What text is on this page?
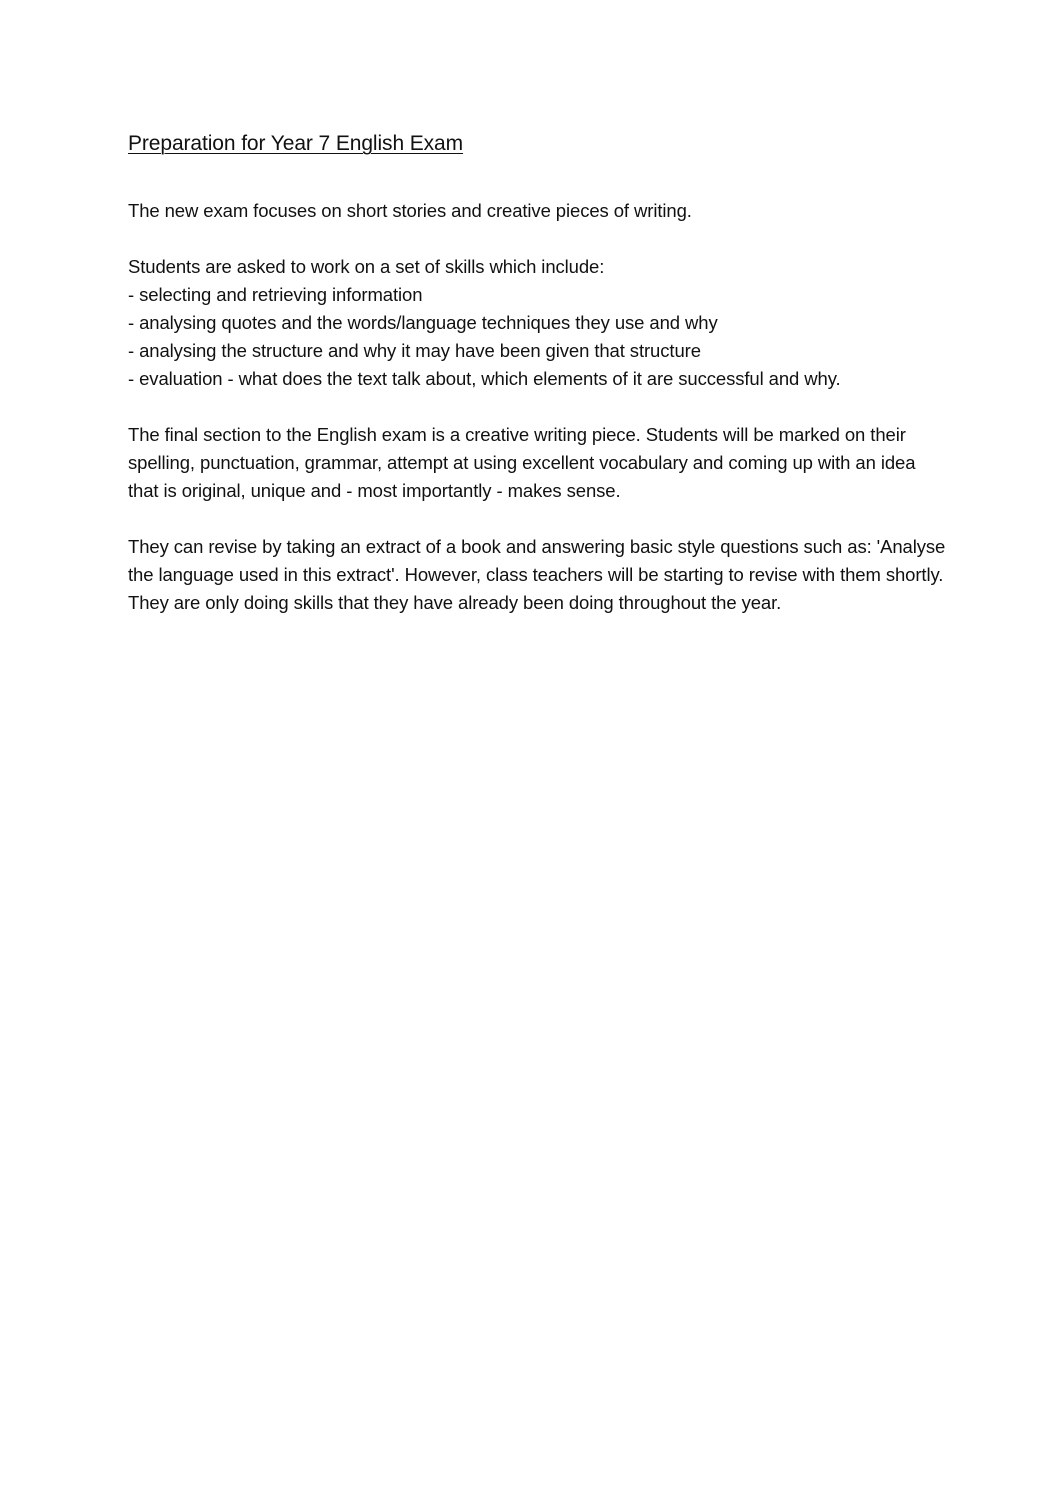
Preparation for Year 7 English Exam

The new exam focuses on short stories and creative pieces of writing.

Students are asked to work on a set of skills which include:

- selecting and retrieving information
- analysing quotes and the words/language techniques they use and why
- analysing the structure and why it may have been given that structure
- evaluation - what does the text talk about, which elements of it are successful and why.

The final section to the English exam is a creative writing piece. Students will be marked on their spelling, punctuation, grammar, attempt at using excellent vocabulary and coming up with an idea that is original, unique and - most importantly - makes sense.

They can revise by taking an extract of a book and answering basic style questions such as: 'Analyse the language used in this extract'. However, class teachers will be starting to revise with them shortly. They are only doing skills that they have already been doing throughout the year.
